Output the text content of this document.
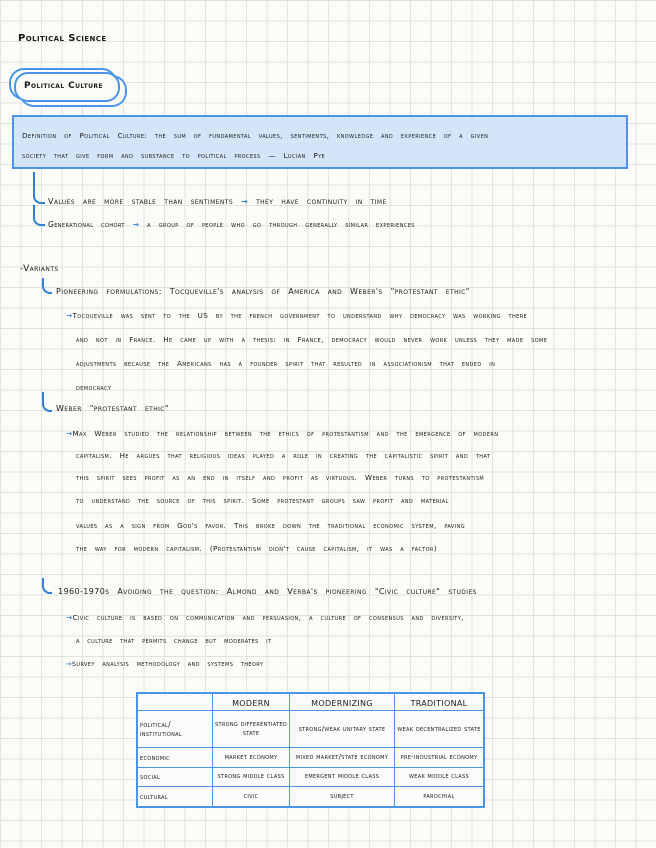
Political Science
Political Culture
Definition of Political Culture: the sum of fundamental values, sentiments, knowledge and experience of a given
society that give form and substance to political process — Lucian Pye
Values are more stable than sentiments → they have continuity in time
Generational cohort → a group of people who go through generally similar experiences
-Variants
Pioneering formulations: Tocqueville's analysis of America and Weber's "protestant ethic"
→Tocqueville was sent to the US by the french government to understand why democracy was working there
and not in France. He came up with a thesis: in France, democracy would never work unless they made some
adjustments because the Americans has a founder spirit that resulted in associationism that ended in
democracy
Weber "protestant ethic"
→Max Weber studied the relationship between the ethics of protestantism and the emergence of modern
capitalism. He argues that religious ideas played a role in creating the capitalistic spirit and that
this spirit sees profit as an end in itself and profit as virtuous. Weber turns to protestantism
to understand the source of this spirit. Some protestant groups saw profit and material
values as a sign from God's favor. This broke down the traditional economic system, paving
the way for modern capitalism. (Protestantism didn't cause capitalism, it was a factor)
1960-1970s Avoiding the question: Almond and Verba's pioneering "Civic culture" studies
→Civic culture is based on communication and persuasion, a culture of consensus and diversity,
a culture that permits change but moderates it
→Survey analysis methodology and systems theory
	modern	modernizing	traditional
political/ institutional	strong differentiated state	strong/weak unitary state	weak decentralized state
economic	market economy	mixed market/state economy	pre-industrial economy
social	strong middle class	emergent middle class	weak middle class
cultural	civic	subject	parochial
